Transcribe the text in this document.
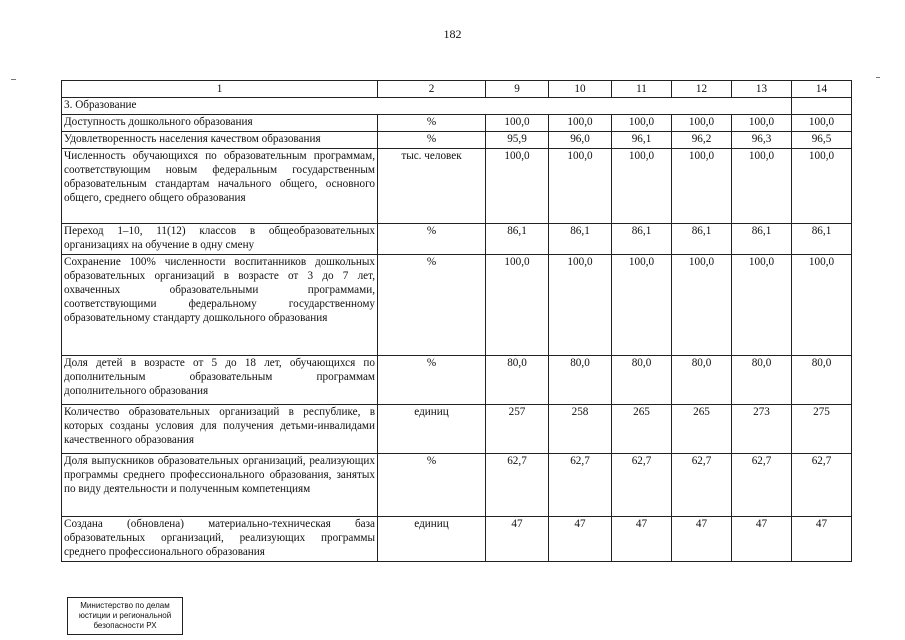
182
1	2	9	10	11	12	13	14
3. Образование							
Доступность дошкольного образования	%	100,0	100,0	100,0	100,0	100,0	100,0
Удовлетворенность населения качеством образования	%	95,9	96,0	96,1	96,2	96,3	96,5
Численность обучающихся по образовательным программам, соответствующим новым федеральным государственным образовательным стандартам начального общего, основного общего, среднего общего образования	тыс. человек	100,0	100,0	100,0	100,0	100,0	100,0
Переход 1–10, 11(12) классов в общеобразовательных организациях на обучение в одну смену	%	86,1	86,1	86,1	86,1	86,1	86,1
Сохранение 100% численности воспитанников дошкольных образовательных организаций в возрасте от 3 до 7 лет, охваченных образовательными программами, соответствующими федеральному государственному образовательному стандарту дошкольного образования	%	100,0	100,0	100,0	100,0	100,0	100,0
Доля детей в возрасте от 5 до 18 лет, обучающихся по дополнительным образовательным программам дополнительного образования	%	80,0	80,0	80,0	80,0	80,0	80,0
Количество образовательных организаций в республике, в которых созданы условия для получения детьми-инвалидами качественного образования	единиц	257	258	265	265	273	275
Доля выпускников образовательных организаций, реализующих программы среднего профессионального образования, занятых по виду деятельности и полученным компетенциям	%	62,7	62,7	62,7	62,7	62,7	62,7
Создана (обновлена) материально-техническая база образовательных организаций, реализующих программы среднего профессионального образования	единиц	47	47	47	47	47	47
Министерство по делам
юстиции и региональной
безопасности РХ
